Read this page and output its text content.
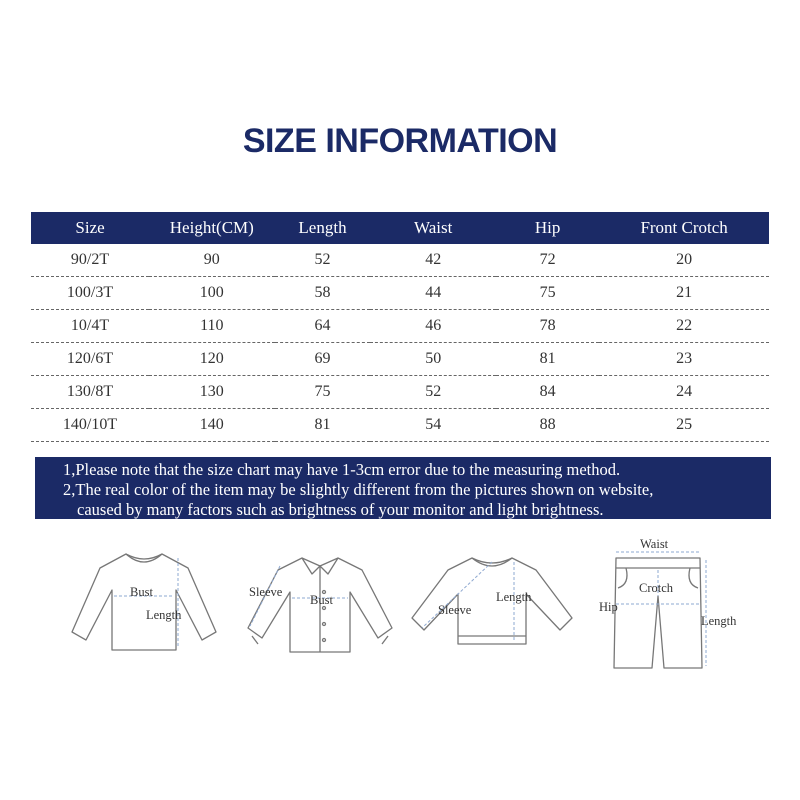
SIZE INFORMATION
Size	Height(CM)	Length	Waist	Hip	Front Crotch
90/2T	90	52	42	72	20
100/3T	100	58	44	75	21
10/4T	110	64	46	78	22
120/6T	120	69	50	81	23
130/8T	130	75	52	84	24
140/10T	140	81	54	88	25
1,Please note that the size chart may have 1-3cm error due to the measuring method.
2,The real color of the item may be slightly different from the pictures shown on website,
caused by many factors such as brightness of your monitor and light brightness.
Bust
Length
Sleeve
Bust
Sleeve
Length
Waist
Crotch
Hip
Length
